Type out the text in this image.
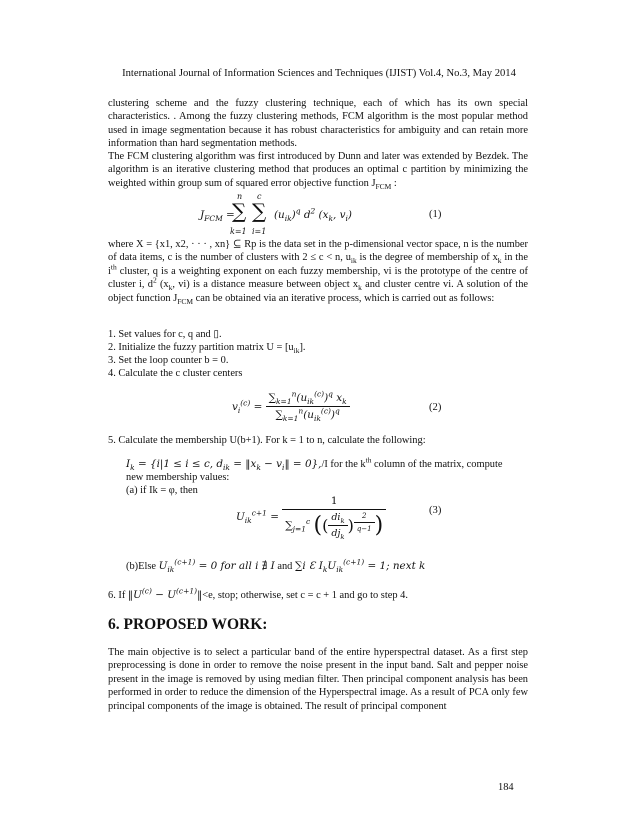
International Journal of Information Sciences and Techniques (IJIST) Vol.4, No.3, May 2014
clustering scheme and the fuzzy clustering technique, each of which has its own special characteristics. . Among the fuzzy clustering methods, FCM algorithm is the most popular method used in image segmentation because it has robust characteristics for ambiguity and can retain more information than hard segmentation methods.
The FCM clustering algorithm was first introduced by Dunn and later was extended by Bezdek. The algorithm is an iterative clustering method that produces an optimal c partition by minimizing the weighted within group sum of squared error objective function $J_{FCM}$ :
$J_{FCM}$ =
n
∑
k=1
c
∑
i=1
$(u_{ik})^q$ $d^2$ ($x_k$, $v_i$)	(1)
where X = {x1, x2, · · · , xn} ⊆ Rp is the data set in the p-dimensional vector space, n is the number of data items, c is the number of clusters with 2 ≤ c < n, $u_{ik}$ is the degree of membership of $x_k$ in the $i^{th}$ cluster, q is a weighting exponent on each fuzzy membership, vi is the prototype of the centre of cluster i, $d^2$ ($x_k$, vi) is a distance measure between object $x_k$ and cluster centre vi. A solution of the object function $J_{FCM}$ can be obtained via an iterative process, which is carried out as follows:
1. Set values for c, q and ▯.
2. Initialize the fuzzy partition matrix $U = [u_{ik}]$.
3. Set the loop counter b = 0.
4. Calculate the c cluster centers
$v_i^{(c)} = \frac{\sum_{k=1}^n(u_{ik}^{(c)})^q x_k}{\sum_{k=1}^n(u_{ik}^{(c)})^q}$	(2)
5. Calculate the membership U(b+1). For k = 1 to n, calculate the following:
$I_k = \{i|1 \le i \le c$, $d_{ik}$ = $‖x_k$ − $v_i‖ = 0\},/I$ for the $k^{th}$ column of the matrix, compute
new membership values:
(a) if Ik = φ, then
$U_{ik}^{c+1} = \frac{1}{\sum_{j=1}^c (( \frac{di_k}{dj_k} ) \frac{2}{q-1} )}$	(3)
(b)Else $U_{ik}^{(c+1)} = 0$ for all i ∄ I and ∑i Ɛ $I_kU_{ik}^{(c+1)} = 1$; next k
6. If $‖U^{(c)}$ − $U^{(c+1)}‖<e$, stop; otherwise, set c = c + 1 and go to step 4.
6. PROPOSED WORK:
The main objective is to select a particular band of the entire hyperspectral dataset. As a first step preprocessing is done in order to remove the noise present in the input band. Salt and pepper noise present in the image is removed by using median filter. Then principal component analysis has been performed in order to reduce the dimension of the Hyperspectral image. As a result of PCA only few principal components of the image is obtained. The result of principal component
184
